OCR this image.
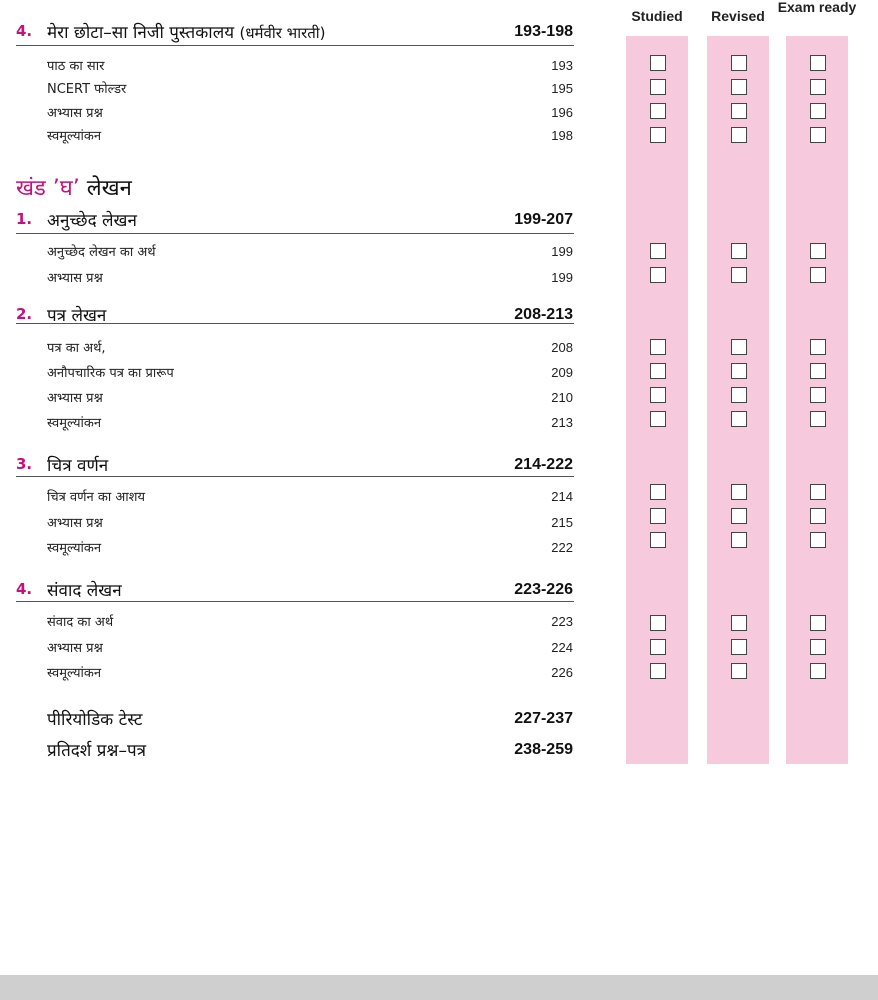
Studied	Revised
Exam ready
4. मेरा छोटा–सा निजी पुस्तकालय (धर्मवीर भारती)	193-198
पाठ का सार	193
NCERT फोल्डर	195
अभ्यास प्रश्न	196
स्वमूल्यांकन	198
खंड ’घ’ लेखन
1. अनुच्छेद लेखन	199-207
अनुच्छेद लेखन का अर्थ	199
अभ्यास प्रश्न	199
2. पत्र लेखन	208-213
पत्र का अर्थ,	208
अनौपचारिक पत्र का प्रारूप	209
अभ्यास प्रश्न	210
स्वमूल्यांकन	213
3. चित्र वर्णन	214-222
चित्र वर्णन का आशय	214
अभ्यास प्रश्न	215
स्वमूल्यांकन	222
4. संवाद लेखन	223-226
संवाद का अर्थ	223
अभ्यास प्रश्न	224
स्वमूल्यांकन	226
पीरियोडिक टेस्ट	227-237
प्रतिदर्श प्रश्न–पत्र	238-259
